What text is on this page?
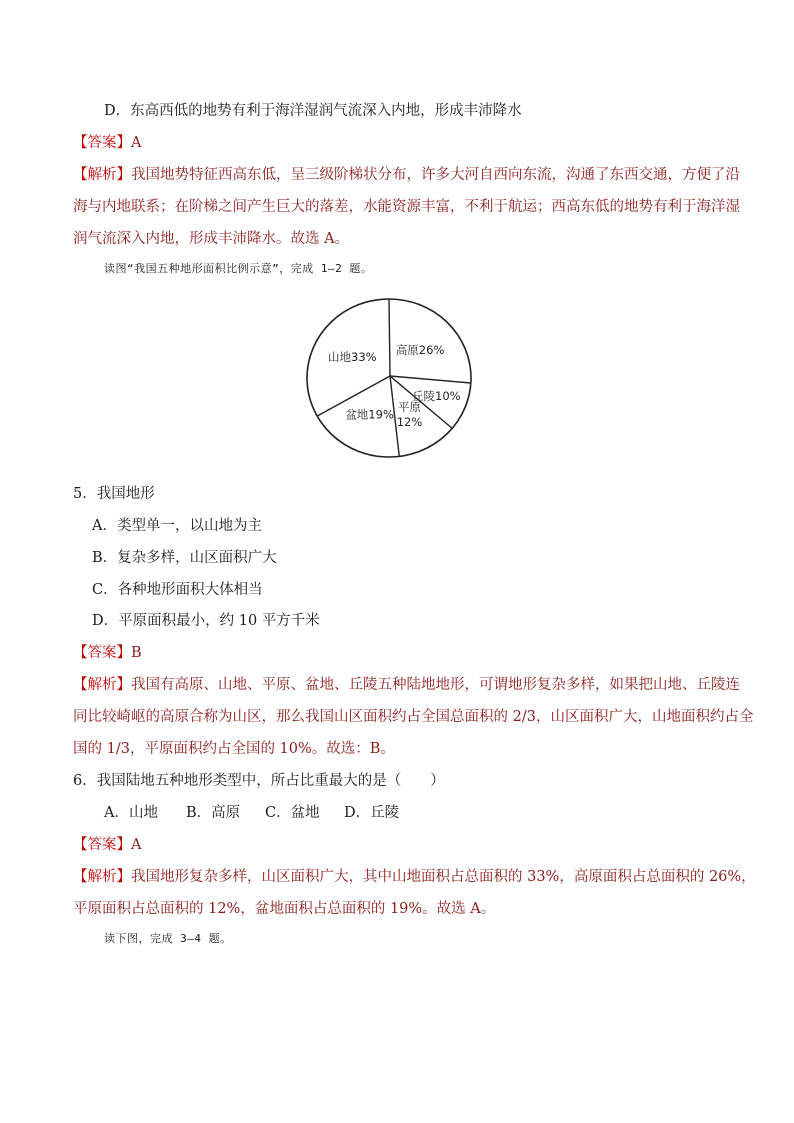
D．东高西低的地势有利于海洋湿润气流深入内地，形成丰沛降水
【答案】A
【解析】我国地势特征西高东低，呈三级阶梯状分布，许多大河自西向东流，沟通了东西交通，方便了沿
海与内地联系；在阶梯之间产生巨大的落差，水能资源丰富，不利于航运；西高东低的地势有利于海洋湿
润气流深入内地，形成丰沛降水。故选 A。
读图“我国五种地形面积比例示意”，完成 1—2 题。
高原26%
丘陵10%
平原
12%
盆地19%
山地33%
5．我国地形
A．类型单一，以山地为主
B．复杂多样，山区面积广大
C．各种地形面积大体相当
D．平原面积最小，约 10 平方千米
【答案】B
【解析】我国有高原、山地、平原、盆地、丘陵五种陆地地形，可谓地形复杂多样，如果把山地、丘陵连
同比较崎岖的高原合称为山区，那么我国山区面积约占全国总面积的 2/3，山区面积广大，山地面积约占全
国的 1/3，平原面积约占全国的 10%。故选：B。
6．我国陆地五种地形类型中，所占比重最大的是（　　）
A．山地 B．高原 C．盆地 D．丘陵
【答案】A
【解析】我国地形复杂多样，山区面积广大，其中山地面积占总面积的 33%，高原面积占总面积的 26%，
平原面积占总面积的 12%，盆地面积占总面积的 19%。故选 A。
读下图，完成 3—4 题。
